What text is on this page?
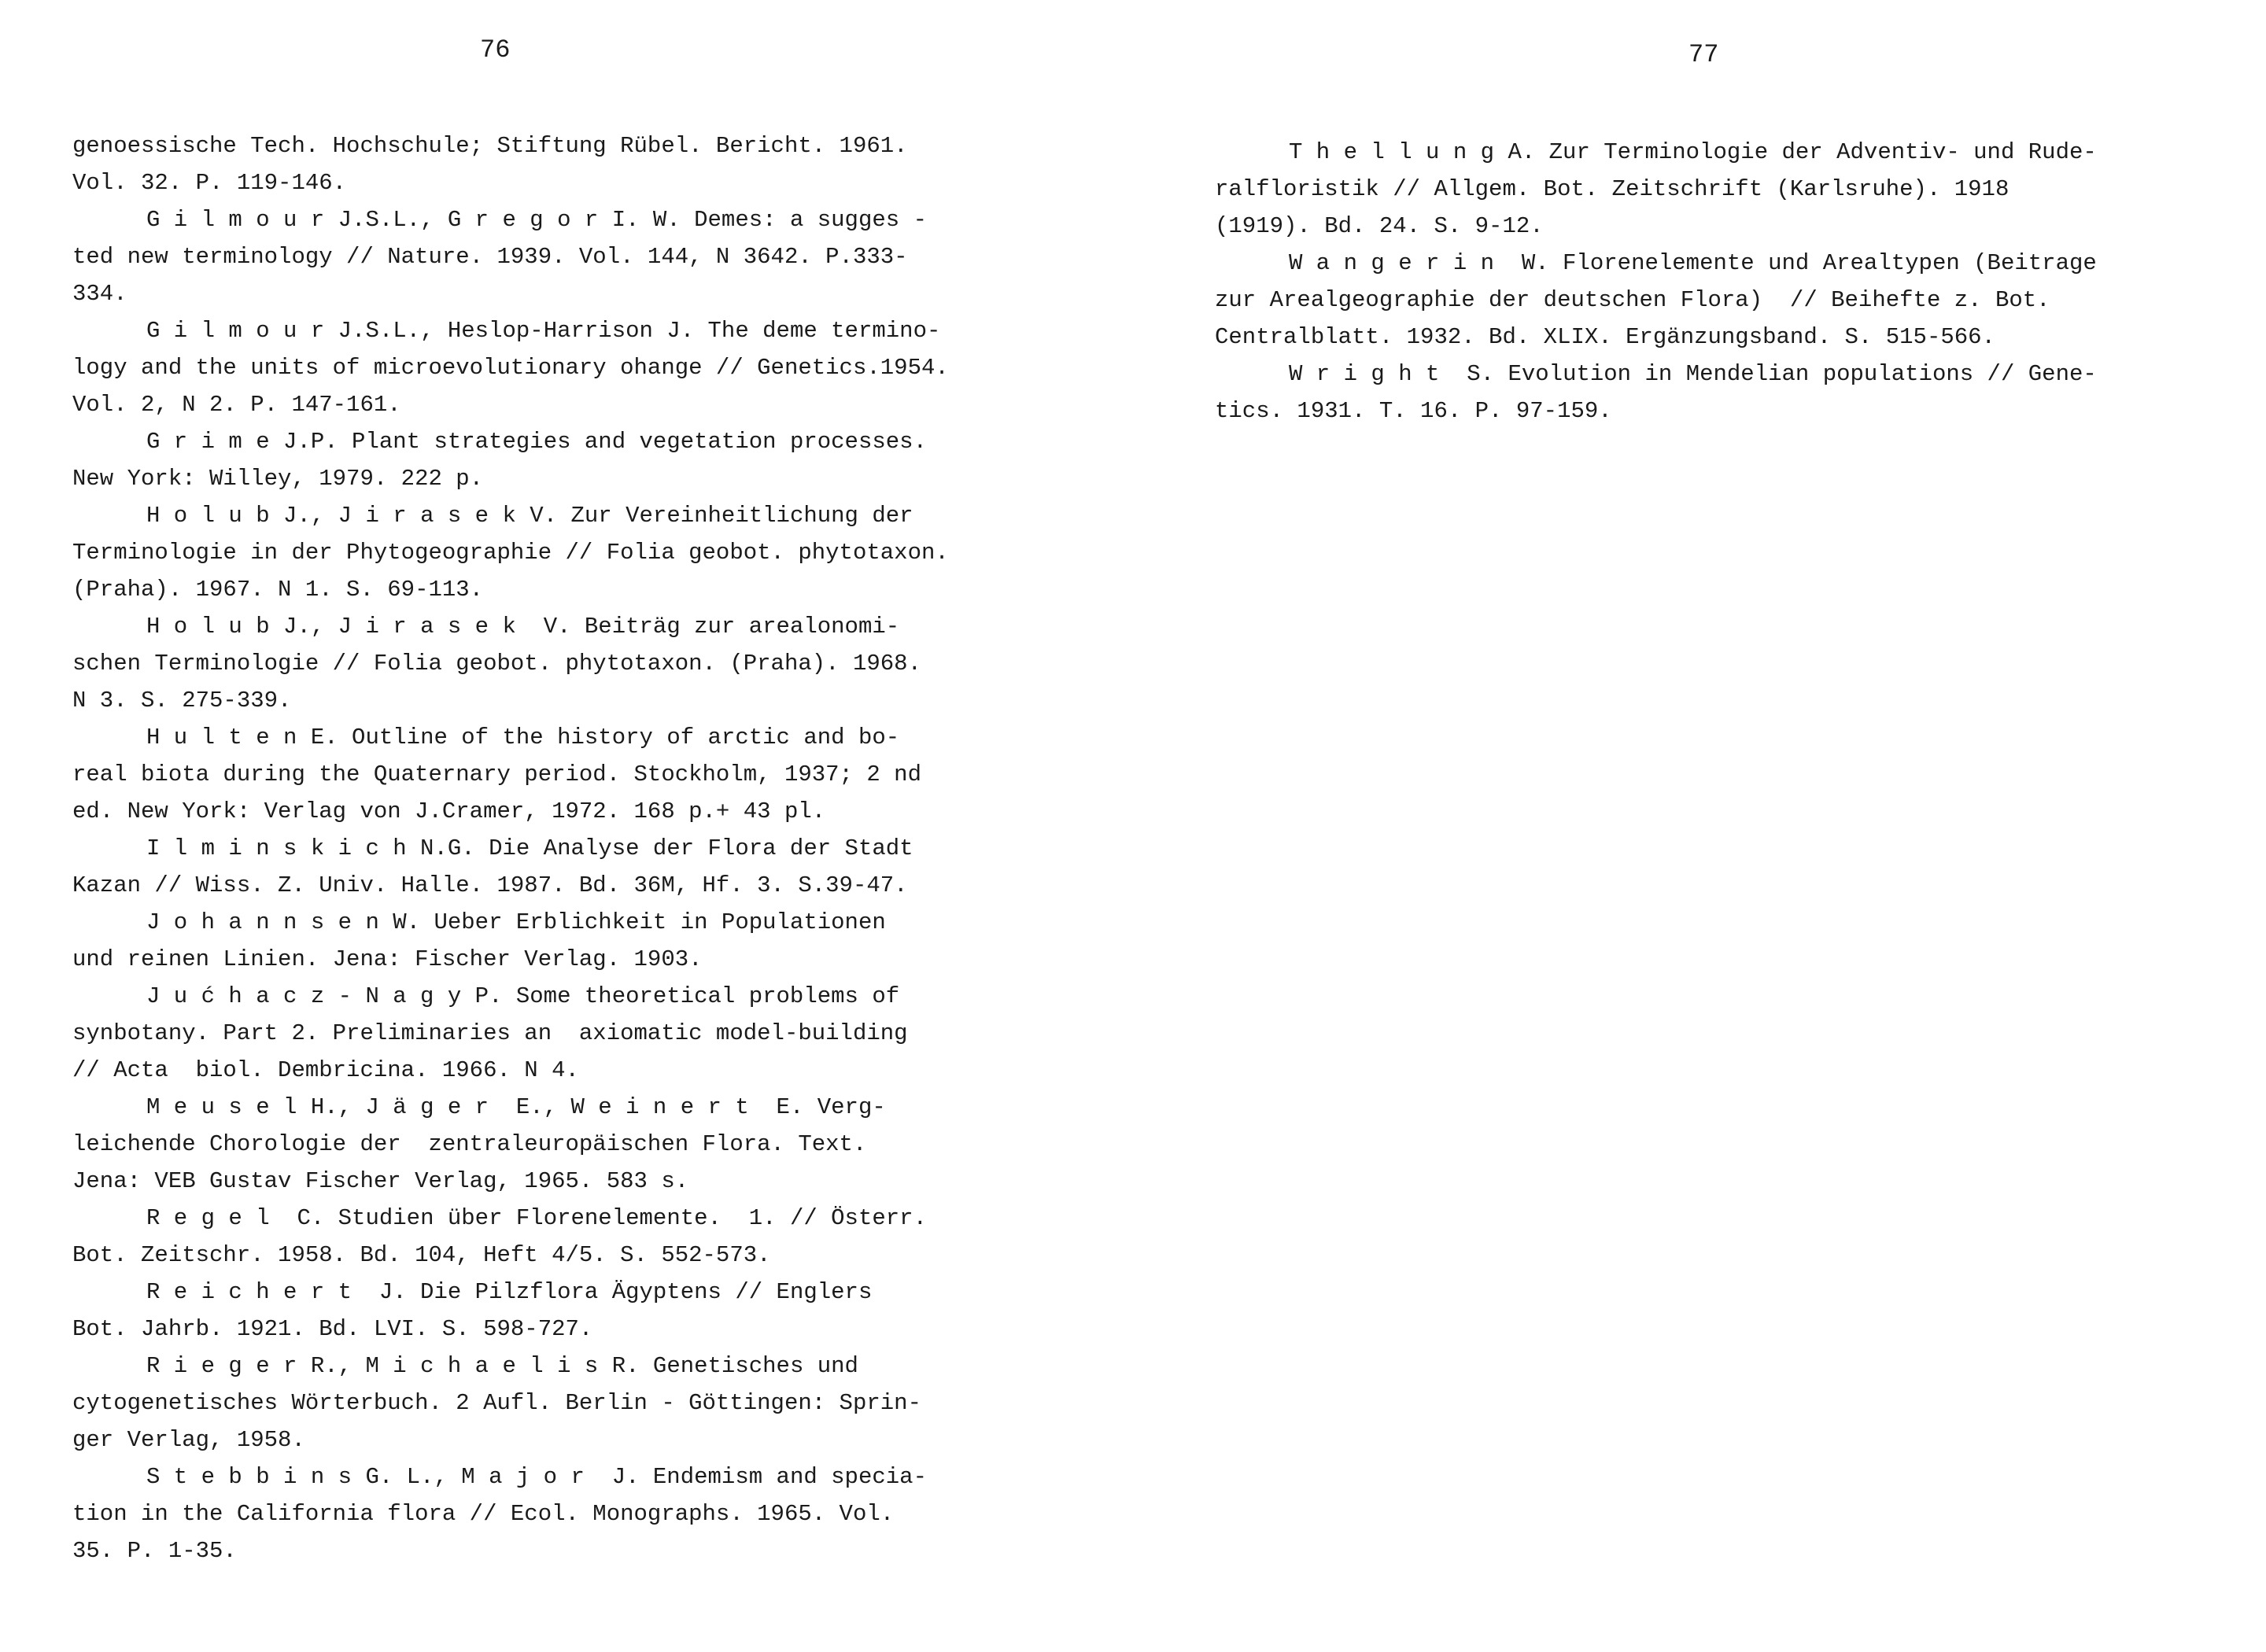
76
genoessische Tech. Hochschule; Stiftung Rübel. Bericht. 1961.
Vol. 32. P. 119-146.
G i l m o u r J.S.L., G r e g o r I. W. Demes: a sugges -
ted new terminology // Nature. 1939. Vol. 144, N 3642. P.333-
334.
G i l m o u r J.S.L., Heslop-Harrison J. The deme termino-
logy and the units of microevolutionary ohange // Genetics.1954.
Vol. 2, N 2. P. 147-161.
G r i m e J.P. Plant strategies and vegetation processes.
New York: Willey, 1979. 222 p.
H o l u b J., J i r a s e k V. Zur Vereinheitlichung der
Terminologie in der Phytogeographie // Folia geobot. phytotaxon.
(Praha). 1967. N 1. S. 69-113.
H o l u b J., J i r a s e k  V. Beiträg zur arealonomi-
schen Terminologie // Folia geobot. phytotaxon. (Praha). 1968.
N 3. S. 275-339.
H u l t e n E. Outline of the history of arctic and bo-
real biota during the Quaternary period. Stockholm, 1937; 2 nd
ed. New York: Verlag von J.Cramer, 1972. 168 p.+ 43 pl.
I l m i n s k i c h N.G. Die Analyse der Flora der Stadt
Kazan // Wiss. Z. Univ. Halle. 1987. Bd. 36M, Hf. 3. S.39-47.
J o h a n n s e n W. Ueber Erblichkeit in Populationen
und reinen Linien. Jena: Fischer Verlag. 1903.
J u ć h a c z - N a g y P. Some theoretical problems of
synbotany. Part 2. Preliminaries an  axiomatic model-building
// Acta  biol. Dembricina. 1966. N 4.
M e u s e l H., J ä g e r  E., W e i n e r t  E. Verg-
leichende Chorologie der  zentraleuropäischen Flora. Text.
Jena: VEB Gustav Fischer Verlag, 1965. 583 s.
R e g e l  C. Studien über Florenelemente.  1. // Österr.
Bot. Zeitschr. 1958. Bd. 104, Heft 4/5. S. 552-573.
R e i c h e r t  J. Die Pilzflora Ägyptens // Englers
Bot. Jahrb. 1921. Bd. LVI. S. 598-727.
R i e g e r R., M i c h a e l i s R. Genetisches und
cytogenetisches Wörterbuch. 2 Aufl. Berlin - Göttingen: Sprin-
ger Verlag, 1958.
S t e b b i n s G. L., M a j o r  J. Endemism and specia-
tion in the California flora // Ecol. Monographs. 1965. Vol.
35. P. 1-35.
77
T h e l l u n g A. Zur Terminologie der Adventiv- und Rude-
ralfloristik // Allgem. Bot. Zeitschrift (Karlsruhe). 1918
(1919). Bd. 24. S. 9-12.
W a n g e r i n  W. Florenelemente und Arealtypen (Beitrage
zur Arealgeographie der deutschen Flora)  // Beihefte z. Bot.
Centralblatt. 1932. Bd. XLIX. Ergänzungsband. S. 515-566.
W r i g h t  S. Evolution in Mendelian populations // Gene-
tics. 1931. T. 16. P. 97-159.
